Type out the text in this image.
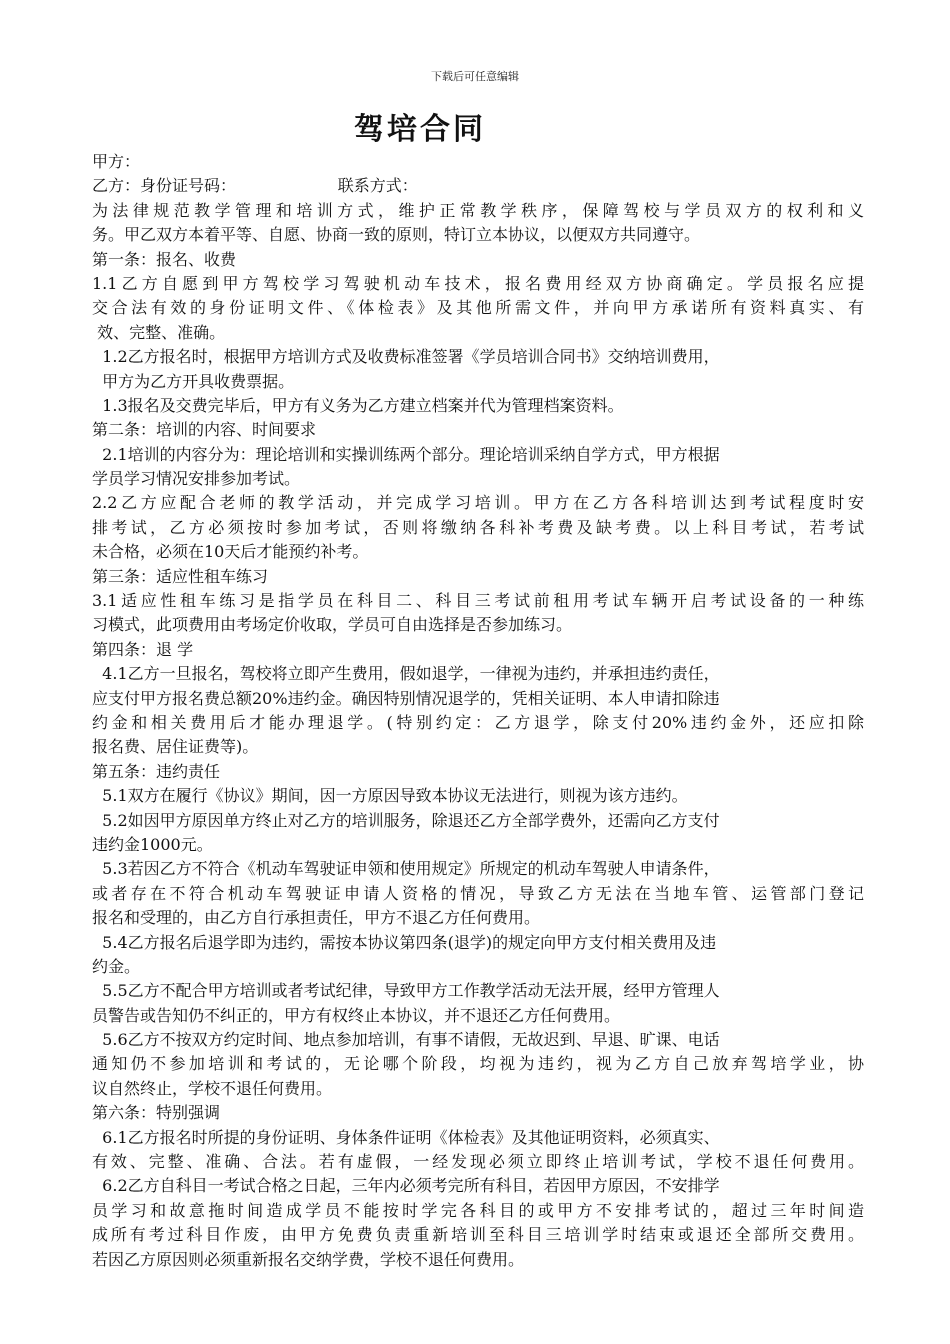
下载后可任意编辑
驾培合同
甲方：
乙方：身份证号码：                    联系方式：
为法律规范教学管理和培训方式，维护正常教学秩序，保障驾校与学员双方的权利和义
务。甲乙双方本着平等、自愿、协商一致的原则，特订立本协议，以便双方共同遵守。
第一条：报名、收费
1.1乙方自愿到甲方驾校学习驾驶机动车技术，报名费用经双方协商确定。学员报名应提
交合法有效的身份证明文件、《体检表》及其他所需文件，并向甲方承诺所有资料真实、有
效、完整、准确。
1.2乙方报名时，根据甲方培训方式及收费标准签署《学员培训合同书》交纳培训费用，
甲方为乙方开具收费票据。
1.3报名及交费完毕后，甲方有义务为乙方建立档案并代为管理档案资料。
第二条：培训的内容、时间要求
2.1培训的内容分为：理论培训和实操训练两个部分。理论培训采纳自学方式，甲方根据
学员学习情况安排参加考试。
2.2乙方应配合老师的教学活动，并完成学习培训。甲方在乙方各科培训达到考试程度时安
排考试，乙方必须按时参加考试，否则将缴纳各科补考费及缺考费。以上科目考试，若考试
未合格，必须在10天后才能预约补考。
第三条：适应性租车练习
3.1适应性租车练习是指学员在科目二、科目三考试前租用考试车辆开启考试设备的一种练
习模式，此项费用由考场定价收取，学员可自由选择是否参加练习。
第四条：退 学
4.1乙方一旦报名，驾校将立即产生费用，假如退学，一律视为违约，并承担违约责任，
应支付甲方报名费总额20%违约金。确因特别情况退学的，凭相关证明、本人申请扣除违
约金和相关费用后才能办理退学。(特别约定：乙方退学，除支付20%违约金外，还应扣除
报名费、居住证费等)。
第五条：违约责任
5.1双方在履行《协议》期间，因一方原因导致本协议无法进行，则视为该方违约。
5.2如因甲方原因单方终止对乙方的培训服务，除退还乙方全部学费外，还需向乙方支付
违约金1000元。
5.3若因乙方不符合《机动车驾驶证申领和使用规定》所规定的机动车驾驶人申请条件，
或者存在不符合机动车驾驶证申请人资格的情况，导致乙方无法在当地车管、运管部门登记
报名和受理的，由乙方自行承担责任，甲方不退乙方任何费用。
5.4乙方报名后退学即为违约，需按本协议第四条(退学)的规定向甲方支付相关费用及违
约金。
5.5乙方不配合甲方培训或者考试纪律，导致甲方工作教学活动无法开展，经甲方管理人
员警告或告知仍不纠正的，甲方有权终止本协议，并不退还乙方任何费用。
5.6乙方不按双方约定时间、地点参加培训，有事不请假，无故迟到、早退、旷课、电话
通知仍不参加培训和考试的，无论哪个阶段，均视为违约，视为乙方自己放弃驾培学业，协
议自然终止，学校不退任何费用。
第六条：特别强调
6.1乙方报名时所提的身份证明、身体条件证明《体检表》及其他证明资料，必须真实、
有效、完整、准确、合法。若有虚假，一经发现必须立即终止培训考试，学校不退任何费用。
6.2乙方自科目一考试合格之日起，三年内必须考完所有科目，若因甲方原因，不安排学
员学习和故意拖时间造成学员不能按时学完各科目的或甲方不安排考试的，超过三年时间造
成所有考过科目作废，由甲方免费负责重新培训至科目三培训学时结束或退还全部所交费用。
若因乙方原因则必须重新报名交纳学费，学校不退任何费用。
